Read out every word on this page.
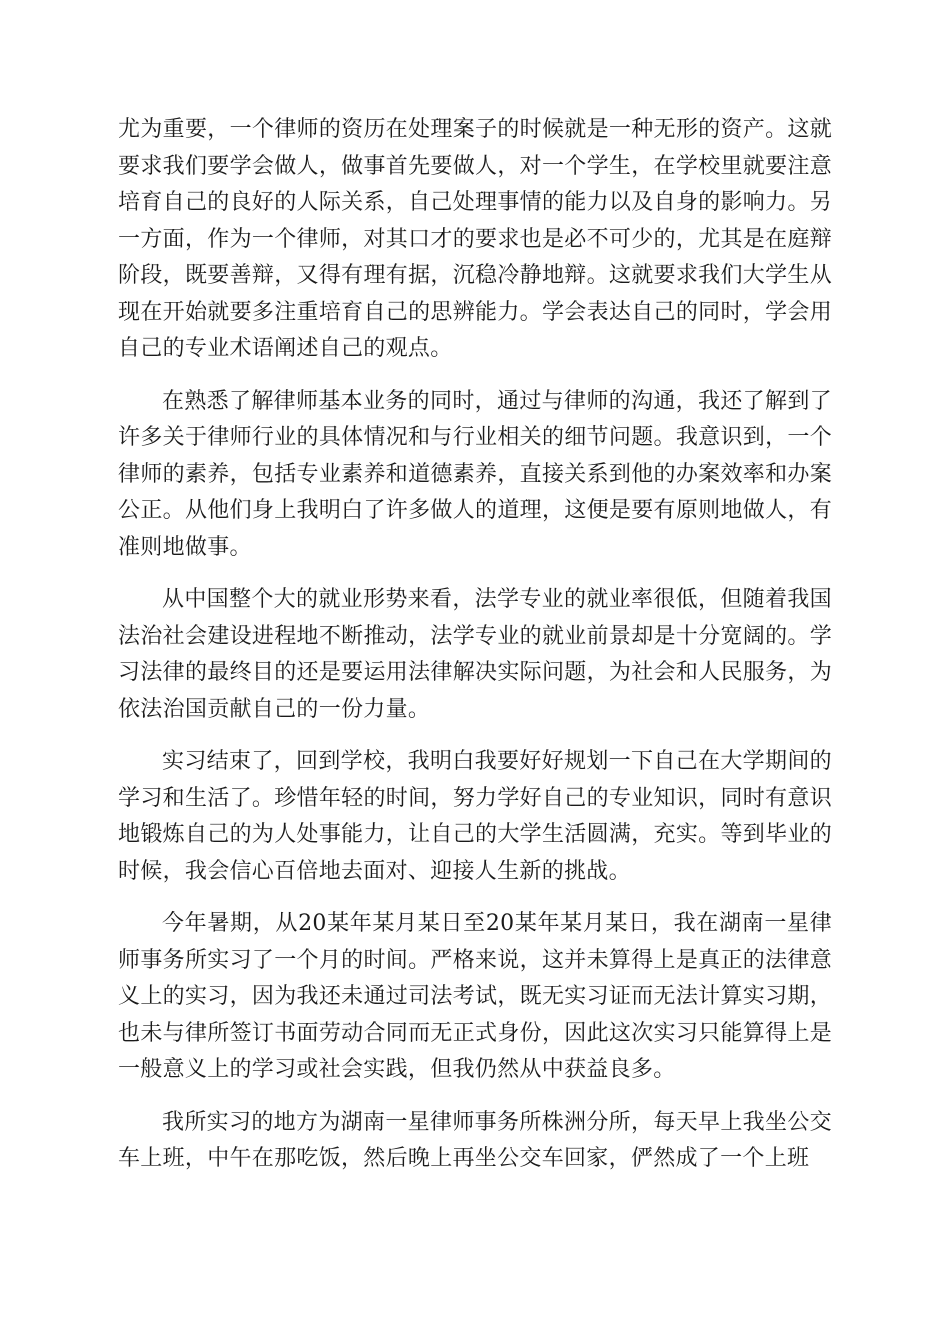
尤为重要，一个律师的资历在处理案子的时候就是一种无形的资产。这就要求我们要学会做人，做事首先要做人，对一个学生，在学校里就要注意培育自己的良好的人际关系，自己处理事情的能力以及自身的影响力。另一方面，作为一个律师，对其口才的要求也是必不可少的，尤其是在庭辩阶段，既要善辩，又得有理有据，沉稳冷静地辩。这就要求我们大学生从现在开始就要多注重培育自己的思辨能力。学会表达自己的同时，学会用自己的专业术语阐述自己的观点。

在熟悉了解律师基本业务的同时，通过与律师的沟通，我还了解到了许多关于律师行业的具体情况和与行业相关的细节问题。我意识到，一个律师的素养，包括专业素养和道德素养，直接关系到他的办案效率和办案公正。从他们身上我明白了许多做人的道理，这便是要有原则地做人，有准则地做事。

从中国整个大的就业形势来看，法学专业的就业率很低，但随着我国法治社会建设进程地不断推动，法学专业的就业前景却是十分宽阔的。学习法律的最终目的还是要运用法律解决实际问题，为社会和人民服务，为依法治国贡献自己的一份力量。

实习结束了，回到学校，我明白我要好好规划一下自己在大学期间的学习和生活了。珍惜年轻的时间，努力学好自己的专业知识，同时有意识地锻炼自己的为人处事能力，让自己的大学生活圆满，充实。等到毕业的时候，我会信心百倍地去面对、迎接人生新的挑战。

今年暑期，从20某年某月某日至20某年某月某日，我在湖南一星律师事务所实习了一个月的时间。严格来说，这并未算得上是真正的法律意义上的实习，因为我还未通过司法考试，既无实习证而无法计算实习期，也未与律所签订书面劳动合同而无正式身份，因此这次实习只能算得上是一般意义上的学习或社会实践，但我仍然从中获益良多。

我所实习的地方为湖南一星律师事务所株洲分所，每天早上我坐公交车上班，中午在那吃饭，然后晚上再坐公交车回家，俨然成了一个上班
